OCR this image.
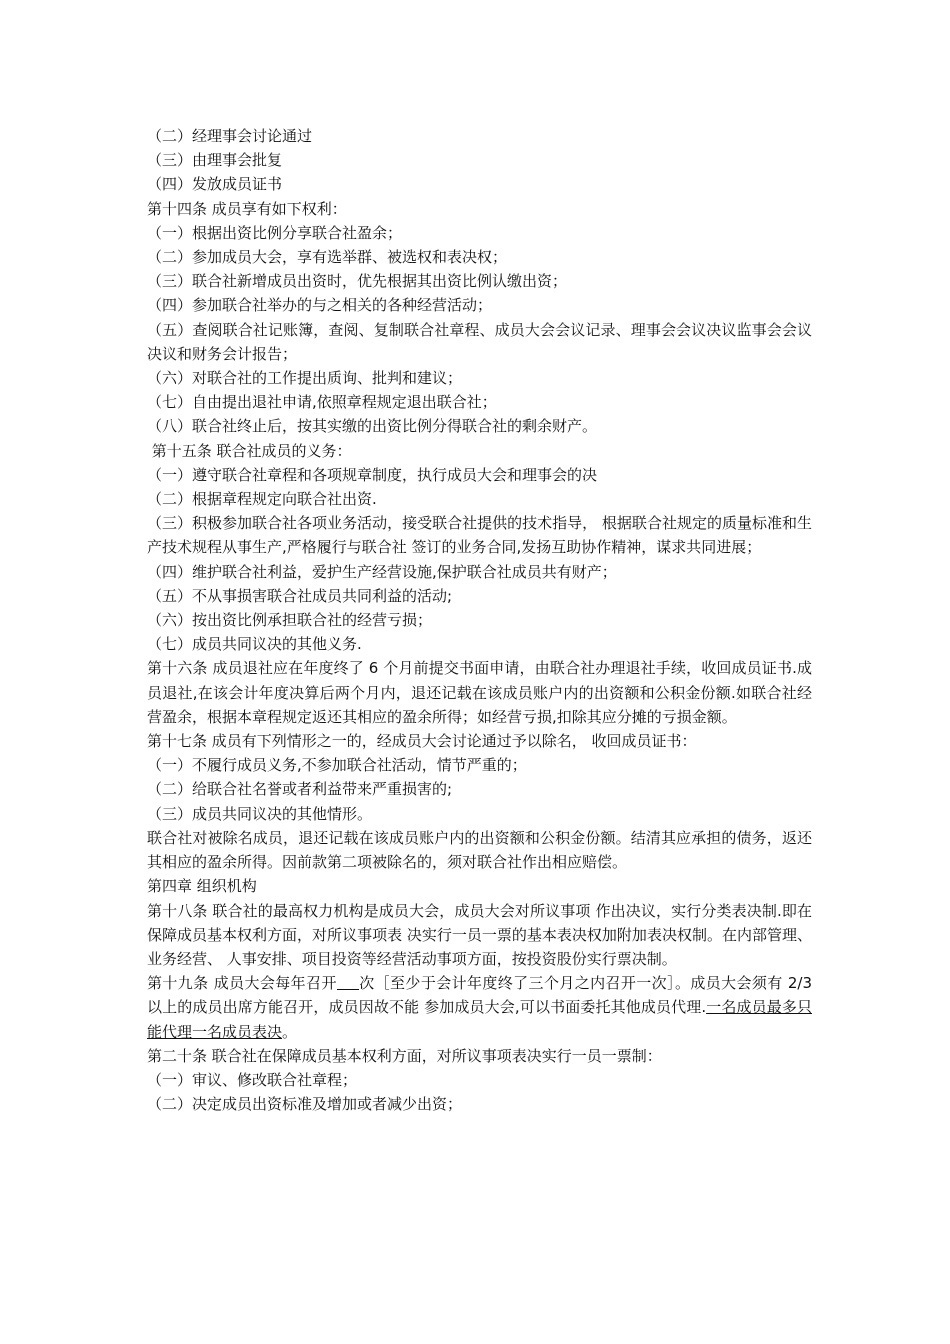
（二）经理事会讨论通过
（三）由理事会批复
（四）发放成员证书
第十四条 成员享有如下权利：
（一）根据出资比例分享联合社盈余；
（二）参加成员大会，享有选举群、被选权和表决权；
（三）联合社新增成员出资时，优先根据其出资比例认缴出资；
（四）参加联合社举办的与之相关的各种经营活动；
（五）查阅联合社记账簿，查阅、复制联合社章程、成员大会会议记录、理事会会议决议监事会会议决议和财务会计报告；
（六）对联合社的工作提出质询、批判和建议；
（七）自由提出退社申请,依照章程规定退出联合社；
（八）联合社终止后，按其实缴的出资比例分得联合社的剩余财产。
第十五条 联合社成员的义务：
（一）遵守联合社章程和各项规章制度，执行成员大会和理事会的决
（二）根据章程规定向联合社出资.
（三）积极参加联合社各项业务活动，接受联合社提供的技术指导， 根据联合社规定的质量标准和生产技术规程从事生产,严格履行与联合社 签订的业务合同,发扬互助协作精神，谋求共同进展；
（四）维护联合社利益，爱护生产经营设施,保护联合社成员共有财产；
（五）不从事损害联合社成员共同利益的活动;
（六）按出资比例承担联合社的经营亏损；
（七）成员共同议决的其他义务.
第十六条 成员退社应在年度终了 6 个月前提交书面申请，由联合社办理退社手续，收回成员证书.成员退社,在该会计年度决算后两个月内，退还记载在该成员账户内的出资额和公积金份额.如联合社经营盈余，根据本章程规定返还其相应的盈余所得；如经营亏损,扣除其应分摊的亏损金额。
第十七条 成员有下列情形之一的，经成员大会讨论通过予以除名， 收回成员证书：
（一）不履行成员义务,不参加联合社活动，情节严重的；
（二）给联合社名誉或者利益带来严重损害的;
（三）成员共同议决的其他情形。
联合社对被除名成员，退还记载在该成员账户内的出资额和公积金份额。结清其应承担的债务，返还其相应的盈余所得。因前款第二项被除名的，须对联合社作出相应赔偿。
第四章 组织机构
第十八条 联合社的最高权力机构是成员大会，成员大会对所议事项 作出决议，实行分类表决制.即在保障成员基本权利方面，对所议事项表 决实行一员一票的基本表决权加附加表决权制。在内部管理、业务经营、 人事安排、项目投资等经营活动事项方面，按投资股份实行票决制。
第十九条 成员大会每年召开 次［至少于会计年度终了三个月之内召开一次］。成员大会须有 2/3 以上的成员出席方能召开，成员因故不能 参加成员大会,可以书面委托其他成员代理.一名成员最多只能代理一名成员表决。
第二十条 联合社在保障成员基本权利方面，对所议事项表决实行一员一票制：
（一）审议、修改联合社章程；
（二）决定成员出资标准及增加或者减少出资；
